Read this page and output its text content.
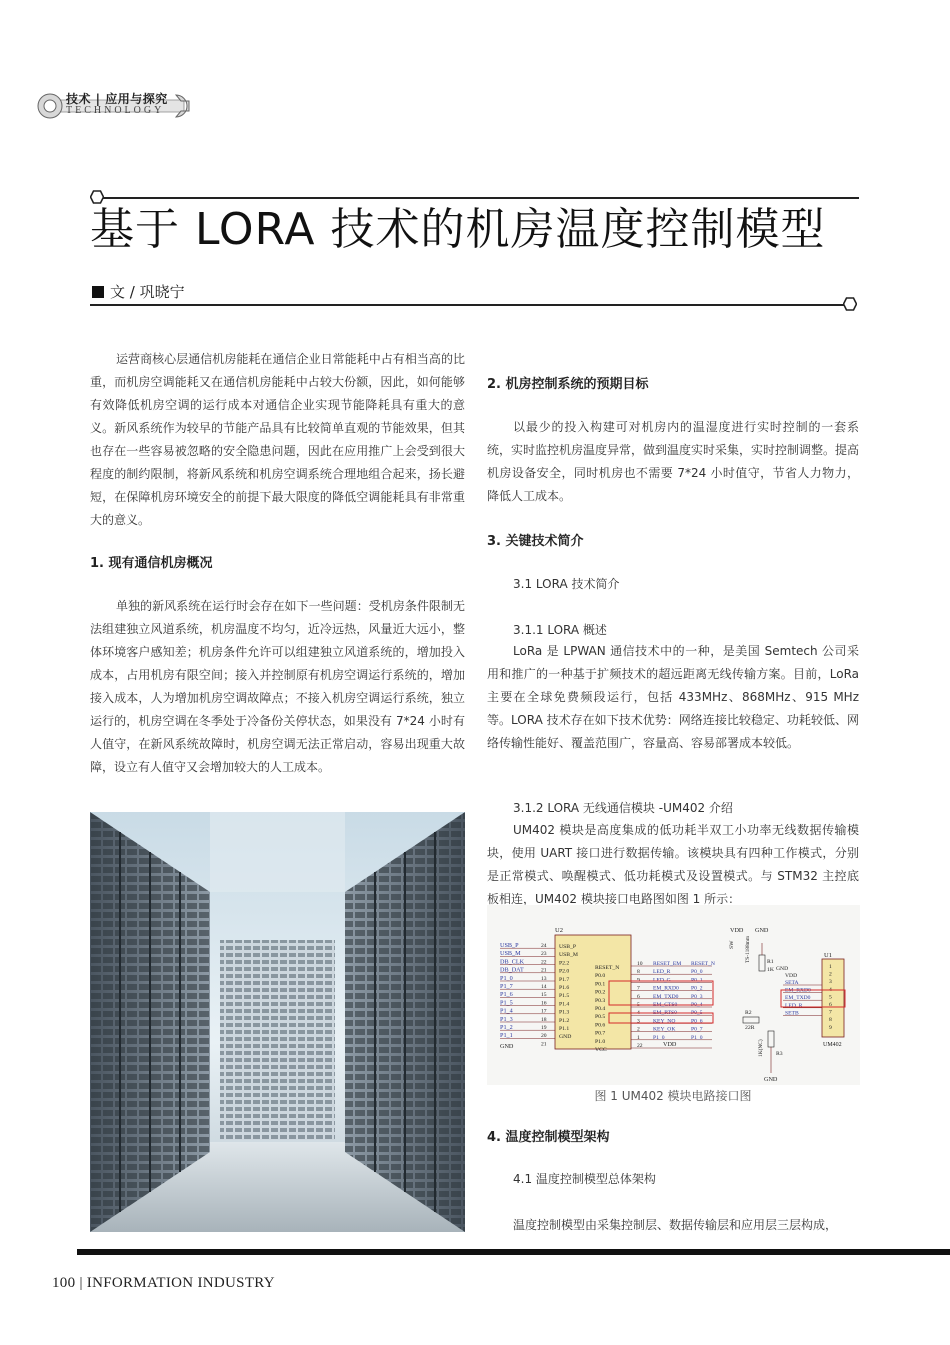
技术 | 应用与探究
TECHNOLOGY
基于 LORA 技术的机房温度控制模型
文 / 巩晓宁

运营商核心层通信机房能耗在通信企业日常能耗中占有相当高的比重，而机房空调能耗又在通信机房能耗中占较大份额，因此，如何能够有效降低机房空调的运行成本对通信企业实现节能降耗具有重大的意义。新风系统作为较早的节能产品具有比较简单直观的节能效果，但其也存在一些容易被忽略的安全隐患问题，因此在应用推广上会受到很大程度的制约限制，将新风系统和机房空调系统合理地组合起来，扬长避短，在保障机房环境安全的前提下最大限度的降低空调能耗具有非常重大的意义。

1. 现有通信机房概况

单独的新风系统在运行时会存在如下一些问题：受机房条件限制无法组建独立风道系统，机房温度不均匀，近冷远热，风量近大远小，整体环境客户感知差；机房条件允许可以组建独立风道系统的，增加投入成本，占用机房有限空间；接入并控制原有机房空调运行系统的，增加接入成本，人为增加机房空调故障点；不接入机房空调运行系统，独立运行的，机房空调在冬季处于冷备份关停状态，如果没有 7*24 小时有人值守，在新风系统故障时，机房空调无法正常启动，容易出现重大故障，设立有人值守又会增加较大的人工成本。

2. 机房控制系统的预期目标

以最少的投入构建可对机房内的温湿度进行实时控制的一套系统，实时监控机房温度异常，做到温度实时采集，实时控制调整。提高机房设备安全，同时机房也不需要 7*24 小时值守，节省人力物力，降低人工成本。

3. 关键技术简介
3.1 LORA 技术简介
3.1.1 LORA 概述

LoRa 是 LPWAN 通信技术中的一种，是美国 Semtech 公司采用和推广的一种基于扩频技术的超远距离无线传输方案。目前，LoRa 主要在全球免费频段运行，包括 433MHz、868MHz、915 MHz 等。LORA 技术存在如下技术优势：网络连接比较稳定、功耗较低、网络传输性能好、覆盖范围广，容量高、容易部署成本较低。

3.1.2 LORA 无线通信模块 -UM402 介绍

UM402 模块是高度集成的低功耗半双工小功率无线数据传输模块，使用 UART 接口进行数据传输。该模块具有四种工作模式，分别是正常模式、唤醒模式、低功耗模式及设置模式。与 STM32 主控底板相连，UM402 模块接口电路图如图 1 所示：

U2
USB_P
USB_M
DB_CLK
DB_DAT
P1_0
P1_7
P1_6
P1_5
P1_4
P1_3
P1_2
P1_1
24
23
22
21
13
14
15
16
17
18
19
20
21
USB_P
USB_M
P2.2
P2.0
P1.7
P1.6
P1.5
P1.4
P1.3
P1.2
P1.1
GND
GND
RESET_N
P0.0
P0.1
P0.2
P0.3
P0.4
P0.5
P0.6
P0.7
P1.0
VCC
10
8
9
7
6
5
4
3
2
1
22
RESET_EM
LED_R
LED_G
EM_RXD0
EM_TXD0
EM_CTS0
EM_RTS0
KEY_NO
KEY_OK
P1_0
RESET_N
P0_0
P0_1
P0_2
P0_3
P0_4
P0_5
P0_6
P0_7
P1_0
VDD
VDD GND
SW TS-1188mm	R1
1K
R2
22R
R3
1K(NC)
GND
U1
1
2
3
4
5
6
7
8
9
UM402
GND
VDD
SETA
EM_RXD0
EM_TXD0
LED_R
SETB
图 1 UM402 模块电路接口图
4. 温度控制模型架构
4.1 温度控制模型总体架构

温度控制模型由采集控制层、数据传输层和应用层三层构成，

100 | INFORMATION INDUSTRY
